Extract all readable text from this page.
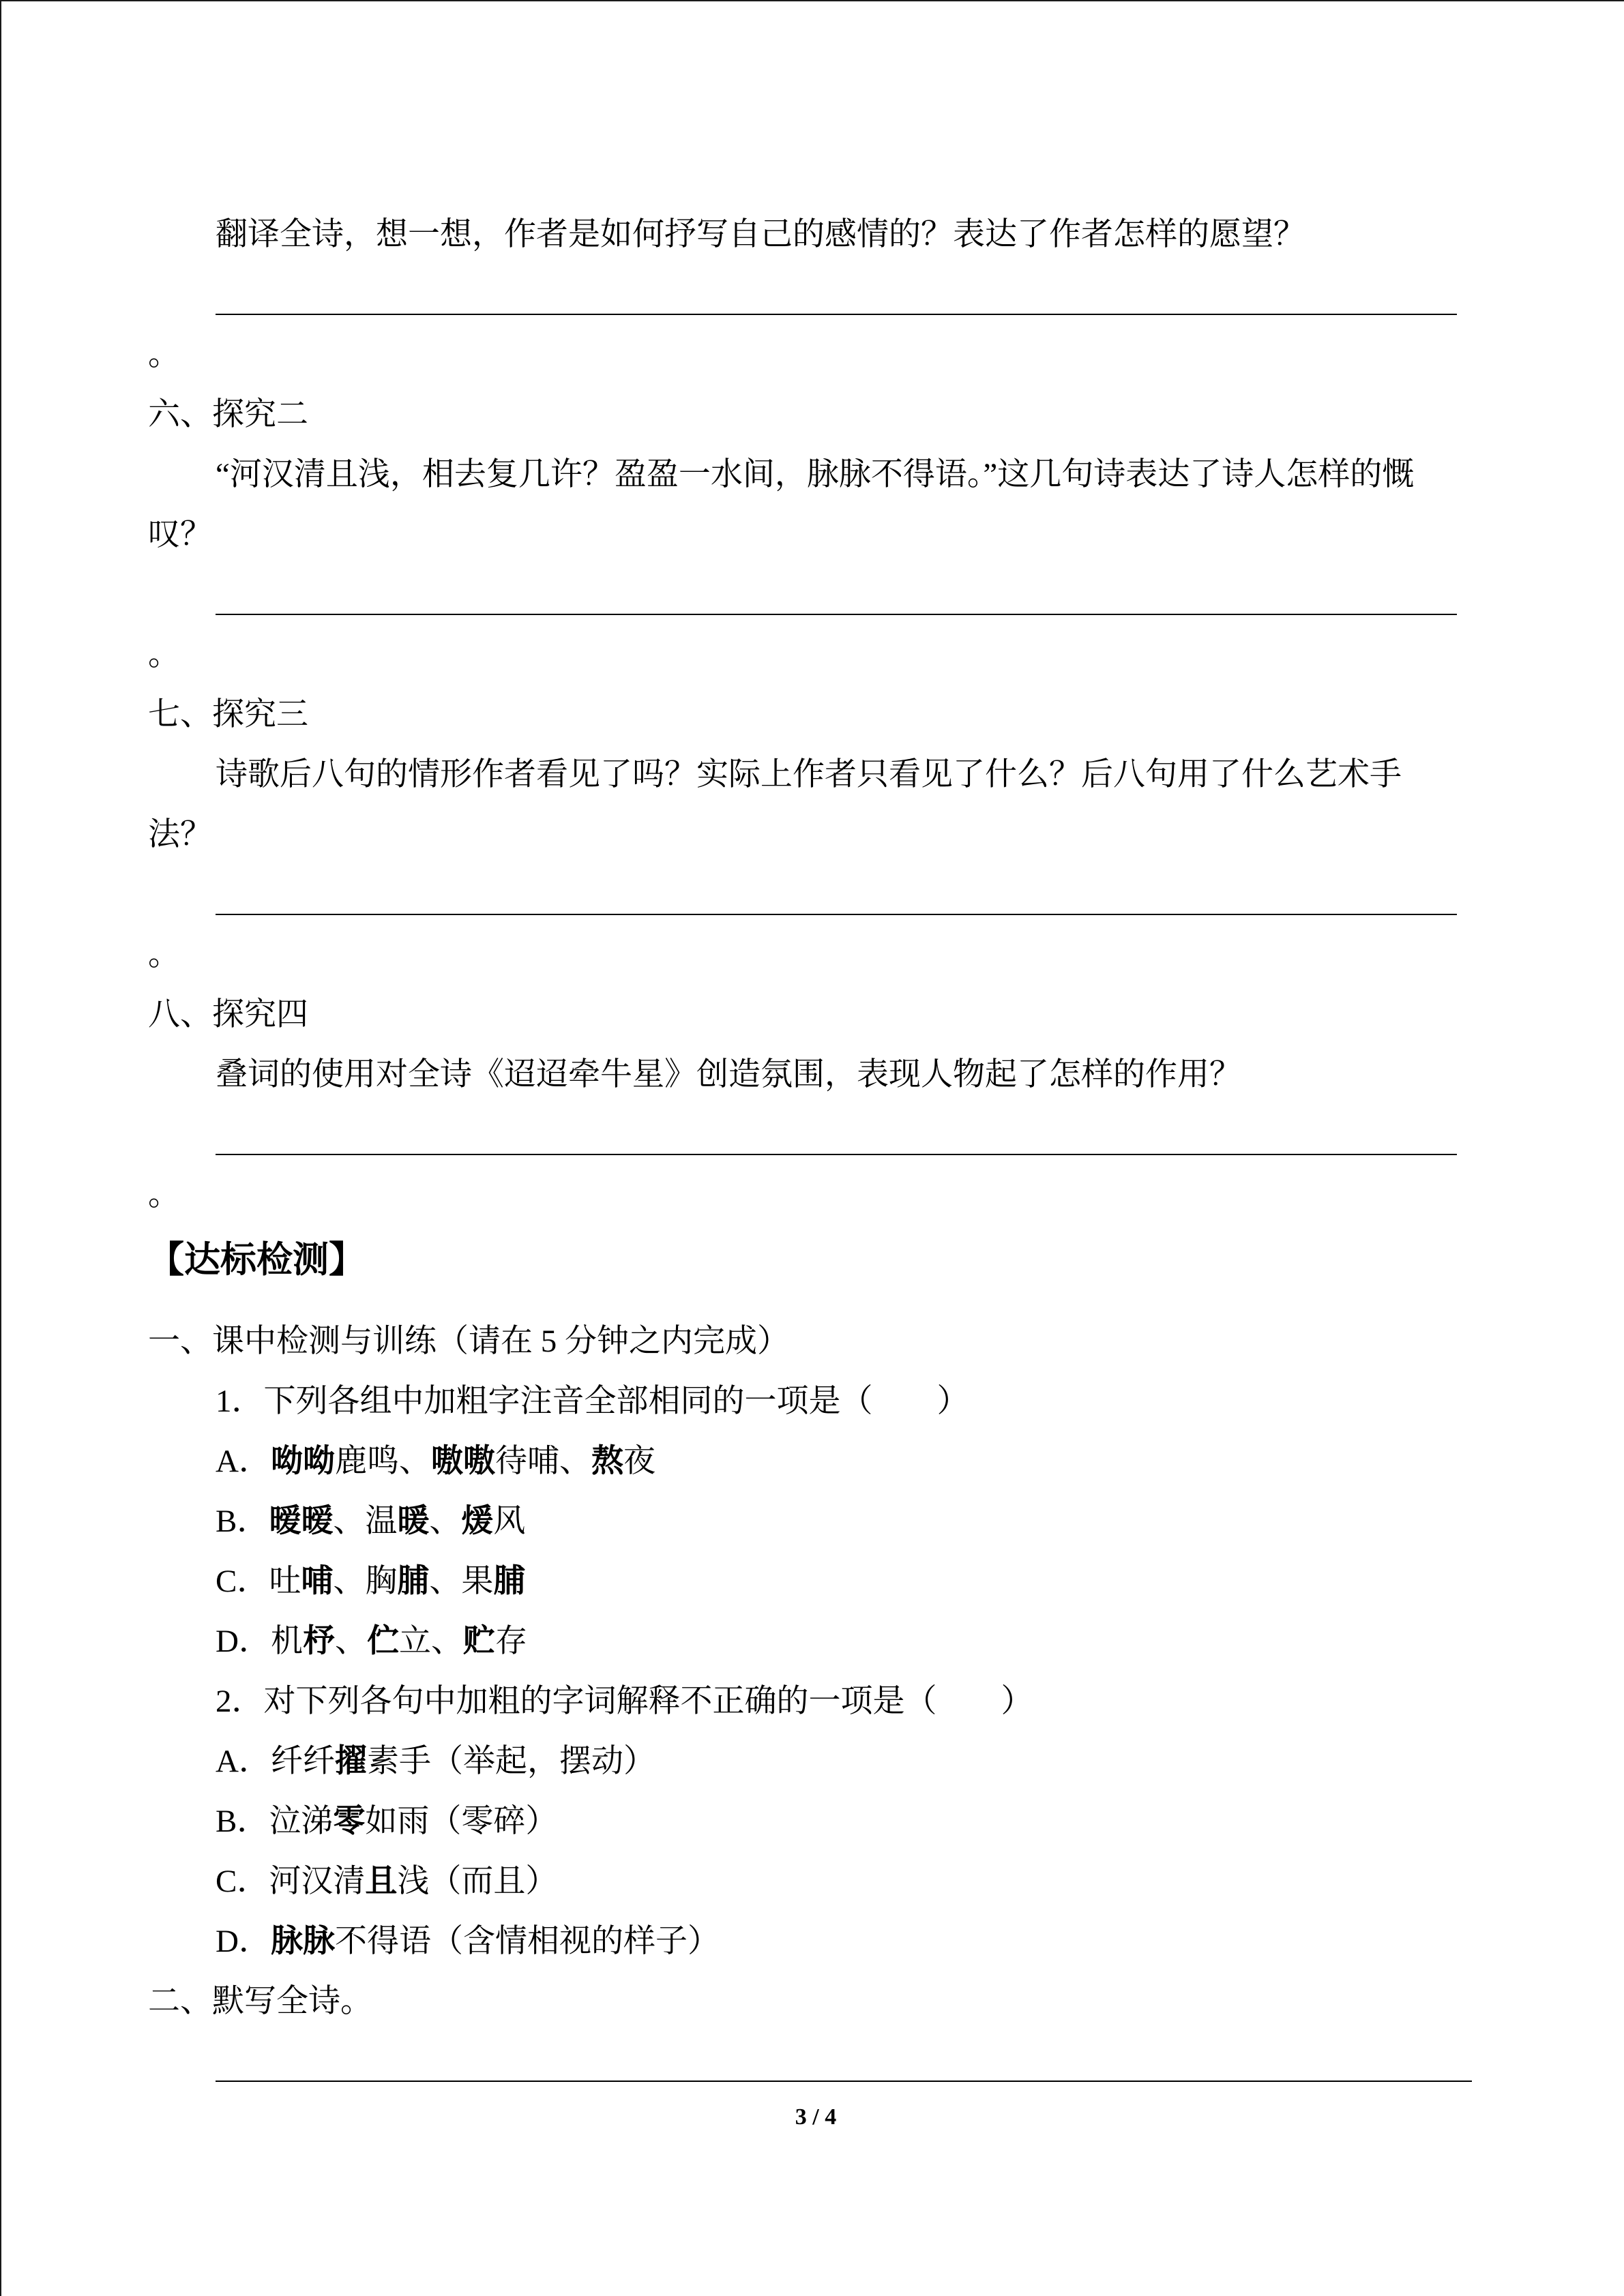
翻译全诗，想一想，作者是如何抒写自己的感情的？表达了作者怎样的愿望？
。
六、探究二
“河汉清且浅，相去复几许？盈盈一水间，脉脉不得语。”这几句诗表达了诗人怎样的慨
叹？
。
七、探究三
诗歌后八句的情形作者看见了吗？实际上作者只看见了什么？后八句用了什么艺术手
法？
。
八、探究四
叠词的使用对全诗《迢迢牵牛星》创造氛围，表现人物起了怎样的作用？
。
【达标检测】
一、课中检测与训练（请在 5 分钟之内完成）
1．下列各组中加粗字注音全部相同的一项是（        ）
A．呦呦鹿鸣、嗷嗷待哺、熬夜
B．暧暧、温暖、煖风
C．吐哺、胸脯、果脯
D．机杼、伫立、贮存
2．对下列各句中加粗的字词解释不正确的一项是（        ）
A．纤纤擢素手（举起，摆动）
B．泣涕零如雨（零碎）
C．河汉清且浅（而且）
D．脉脉不得语（含情相视的样子）
二、默写全诗。
3 / 4
